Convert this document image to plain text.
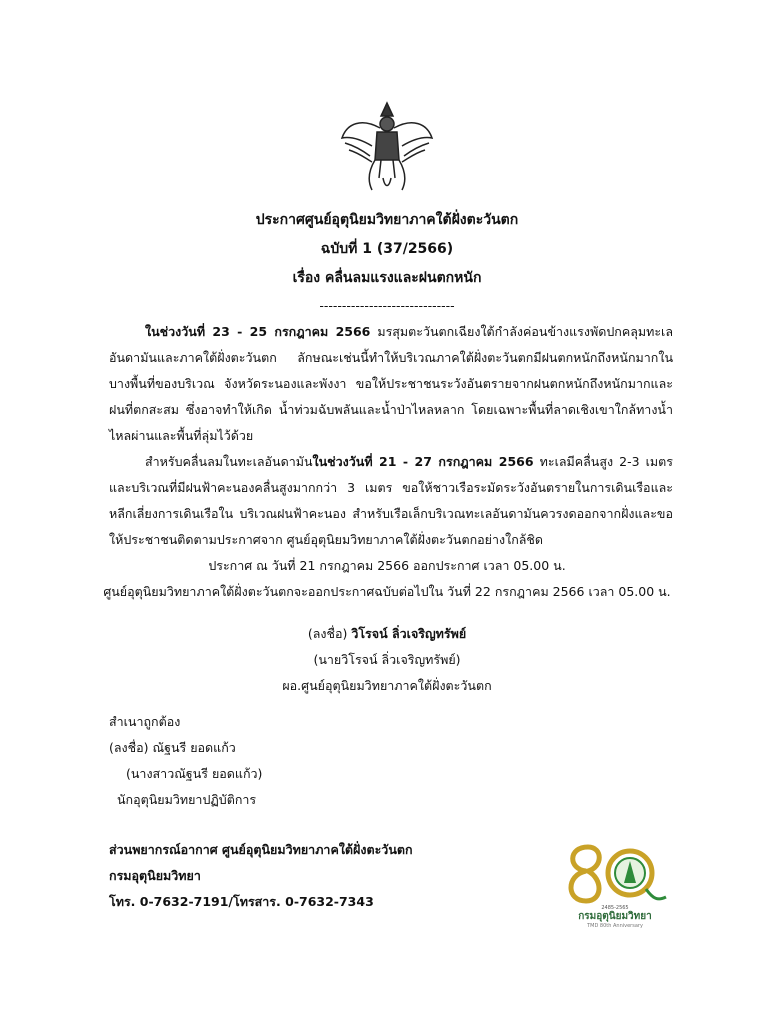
ประกาศศูนย์อุตุนิยมวิทยาภาคใต้ฝั่งตะวันตก
ฉบับที่ 1 (37/2566)
เรื่อง คลื่นลมแรงและฝนตกหนัก
------------------------------

ในช่วงวันที่ 23 - 25 กรกฎาคม 2566 มรสุมตะวันตกเฉียงใต้กำลังค่อนข้างแรงพัดปกคลุมทะเลอันดามันและภาคใต้ฝั่งตะวันตก ลักษณะเช่นนี้ทำให้บริเวณภาคใต้ฝั่งตะวันตกมีฝนตกหนักถึงหนักมากในบางพื้นที่ของบริเวณ จังหวัดระนองและพังงา ขอให้ประชาชนระวังอันตรายจากฝนตกหนักถึงหนักมากและฝนที่ตกสะสม ซึ่งอาจทำให้เกิด น้ำท่วมฉับพลันและน้ำป่าไหลหลาก โดยเฉพาะพื้นที่ลาดเชิงเขาใกล้ทางน้ำไหลผ่านและพื้นที่ลุ่มไว้ด้วย

สำหรับคลื่นลมในทะเลอันดามันในช่วงวันที่ 21 - 27 กรกฎาคม 2566 ทะเลมีคลื่นสูง 2-3 เมตร และบริเวณที่มีฝนฟ้าคะนองคลื่นสูงมากกว่า 3 เมตร ขอให้ชาวเรือระมัดระวังอันตรายในการเดินเรือและหลีกเลี่ยงการเดินเรือใน บริเวณฝนฟ้าคะนอง สำหรับเรือเล็กบริเวณทะเลอันดามันควรงดออกจากฝั่งและขอให้ประชาชนติดตามประกาศจาก ศูนย์อุตุนิยมวิทยาภาคใต้ฝั่งตะวันตกอย่างใกล้ชิด

ประกาศ ณ วันที่ 21 กรกฎาคม 2566 ออกประกาศ เวลา 05.00 น.
ศูนย์อุตุนิยมวิทยาภาคใต้ฝั่งตะวันตกจะออกประกาศฉบับต่อไปใน วันที่ 22 กรกฎาคม 2566 เวลา 05.00 น.
(ลงชื่อ) วิโรจน์ ลิ่วเจริญทรัพย์
(นายวิโรจน์ ลิ่วเจริญทรัพย์)
ผอ.ศูนย์อุตุนิยมวิทยาภาคใต้ฝั่งตะวันตก
สำเนาถูกต้อง
(ลงชื่อ) ณัฐนรี ยอดแก้ว
(นางสาวณัฐนรี ยอดแก้ว)
นักอุตุนิยมวิทยาปฏิบัติการ
2485-2565
กรมอุตุนิยมวิทยา
TMD 80th Anniversary
ส่วนพยากรณ์อากาศ ศูนย์อุตุนิยมวิทยาภาคใต้ฝั่งตะวันตก
กรมอุตุนิยมวิทยา
โทร. 0-7632-7191/โทรสาร. 0-7632-7343
